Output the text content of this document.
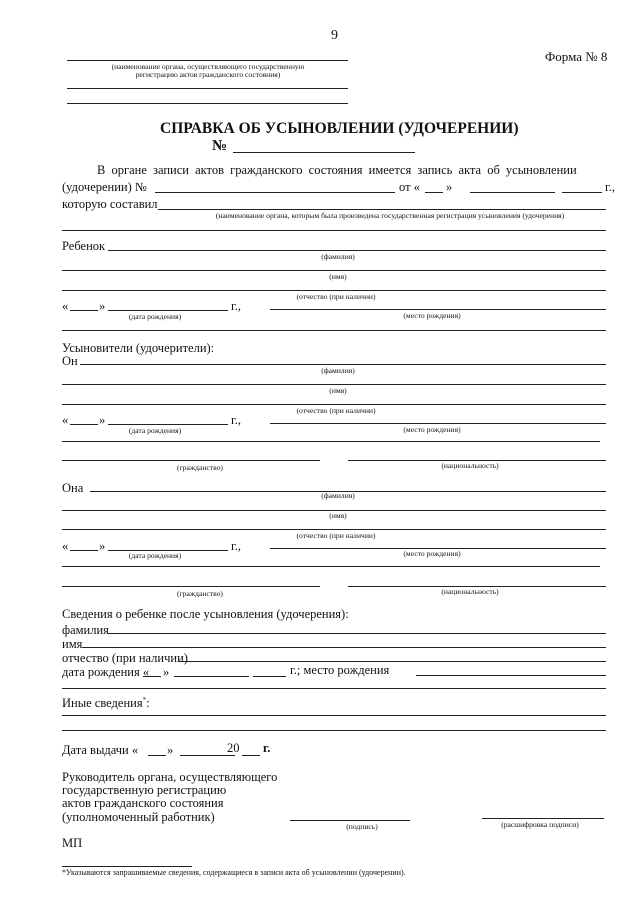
9
Форма № 8
(наименование органа, осуществляющего государственную
регистрацию актов гражданского состояния)
СПРАВКА ОБ УСЫНОВЛЕНИИ (УДОЧЕРЕНИИ)
№
В органе записи актов гражданского состояния имеется запись акта об усыновлении
(удочерении) №	от « »	г.,
которую составил
(наименование органа, которым была произведена государственная регистрация усыновления (удочерения)
Ребенок
(фамилия)
(имя)
(отчество (при наличии)
« »	г.,
(дата рождения)	(место рождения)
Усыновители (удочерители):
Он
(фамилия)
(имя)
(отчество (при наличии)
« »	г.,
(дата рождения)	(место рождения)
(гражданство)	(национальность)
Она
(фамилия)
(имя)
(отчество (при наличии)
« »	г.,
(дата рождения)	(место рождения)
(гражданство)	(национальность)
Сведения о ребенке после усыновления (удочерения):
фамилия
имя
отчество (при наличии)
дата рождения « »	г.; место рождения
Иные сведения*:
Дата выдачи « »	20 г.
Руководитель органа, осуществляющего
государственную регистрацию
актов гражданского состояния
(уполномоченный работник)
(подпись)	(расшифровка подписи)
МП
*Указываются запрашиваемые сведения, содержащиеся в записи акта об усыновлении (удочерении).
